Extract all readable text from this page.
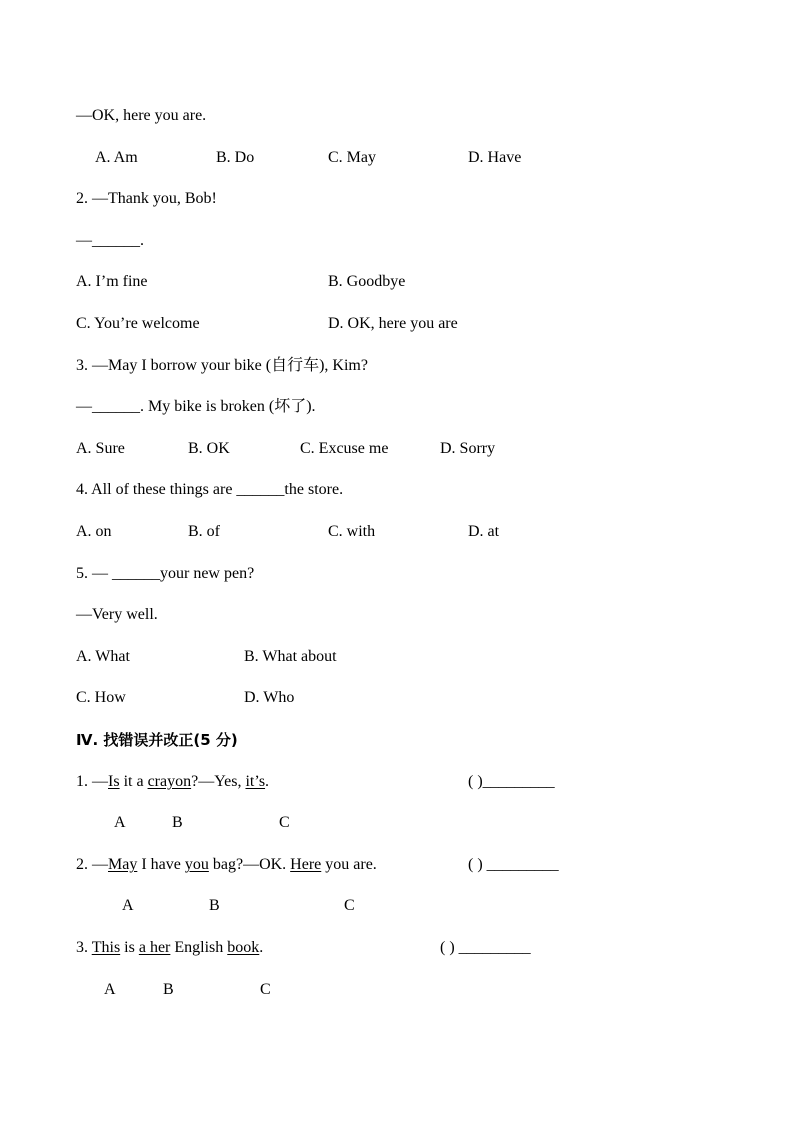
—OK, here you are.
A. Am	B. Do	C. May	D. Have
2. —Thank you, Bob!
—______.
A. I’m fine	B. Goodbye
C. You’re welcome	D. OK, here you are
3. —May I borrow your bike (自行车), Kim?
—______. My bike is broken (坏了).
A. Sure	B. OK	C. Excuse me	D. Sorry
4. All of these things are ______the store.
A. on	B. of	C. with	D. at
5. — ______your new pen?
—Very well.
A. What	B. What about
C. How	D. Who
Ⅳ. 找错误并改正(5 分)
1. —Is it a crayon?—Yes, it’s.	( )_________
A	B	C
2. —May I have you bag?—OK. Here you are.	( ) _________
A	B	C
3. This is a her English book.	( ) _________
A	B	C
